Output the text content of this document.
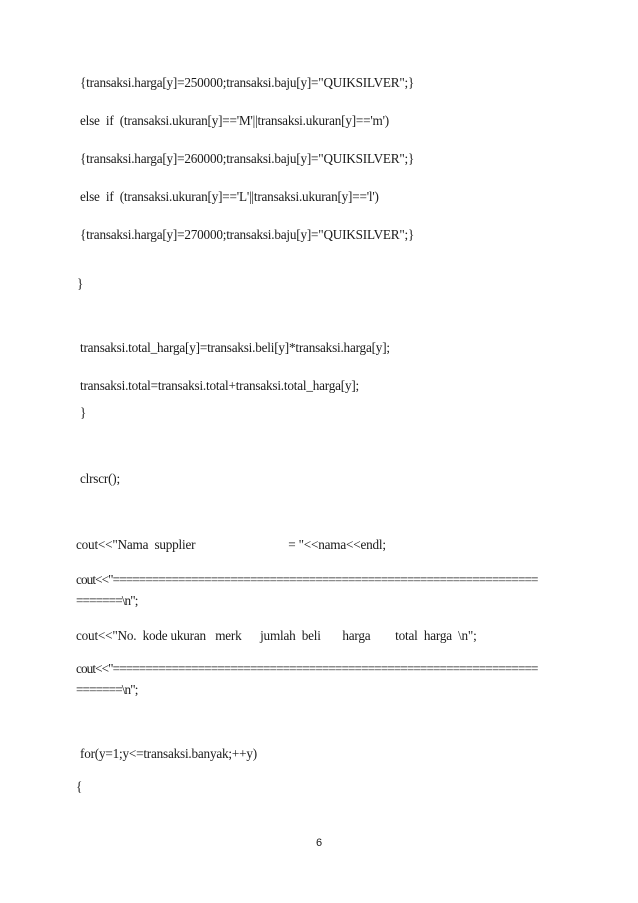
{transaksi.harga[y]=250000;transaksi.baju[y]="QUIKSILVER";}
else  if  (transaksi.ukuran[y]=='M'||transaksi.ukuran[y]=='m')
{transaksi.harga[y]=260000;transaksi.baju[y]="QUIKSILVER";}
else  if  (transaksi.ukuran[y]=='L'||transaksi.ukuran[y]=='l')
{transaksi.harga[y]=270000;transaksi.baju[y]="QUIKSILVER";}
}
transaksi.total_harga[y]=transaksi.beli[y]*transaksi.harga[y];
transaksi.total=transaksi.total+transaksi.total_harga[y];
}
clrscr();
cout<<"Nama  supplier                              = "<<nama<<endl;
cout<<"=================================================================
=======\n";
cout<<"No.  kode ukuran   merk      jumlah  beli       harga        total  harga  \n";
cout<<"=================================================================
=======\n";
for(y=1;y<=transaksi.banyak;++y)
{
6
